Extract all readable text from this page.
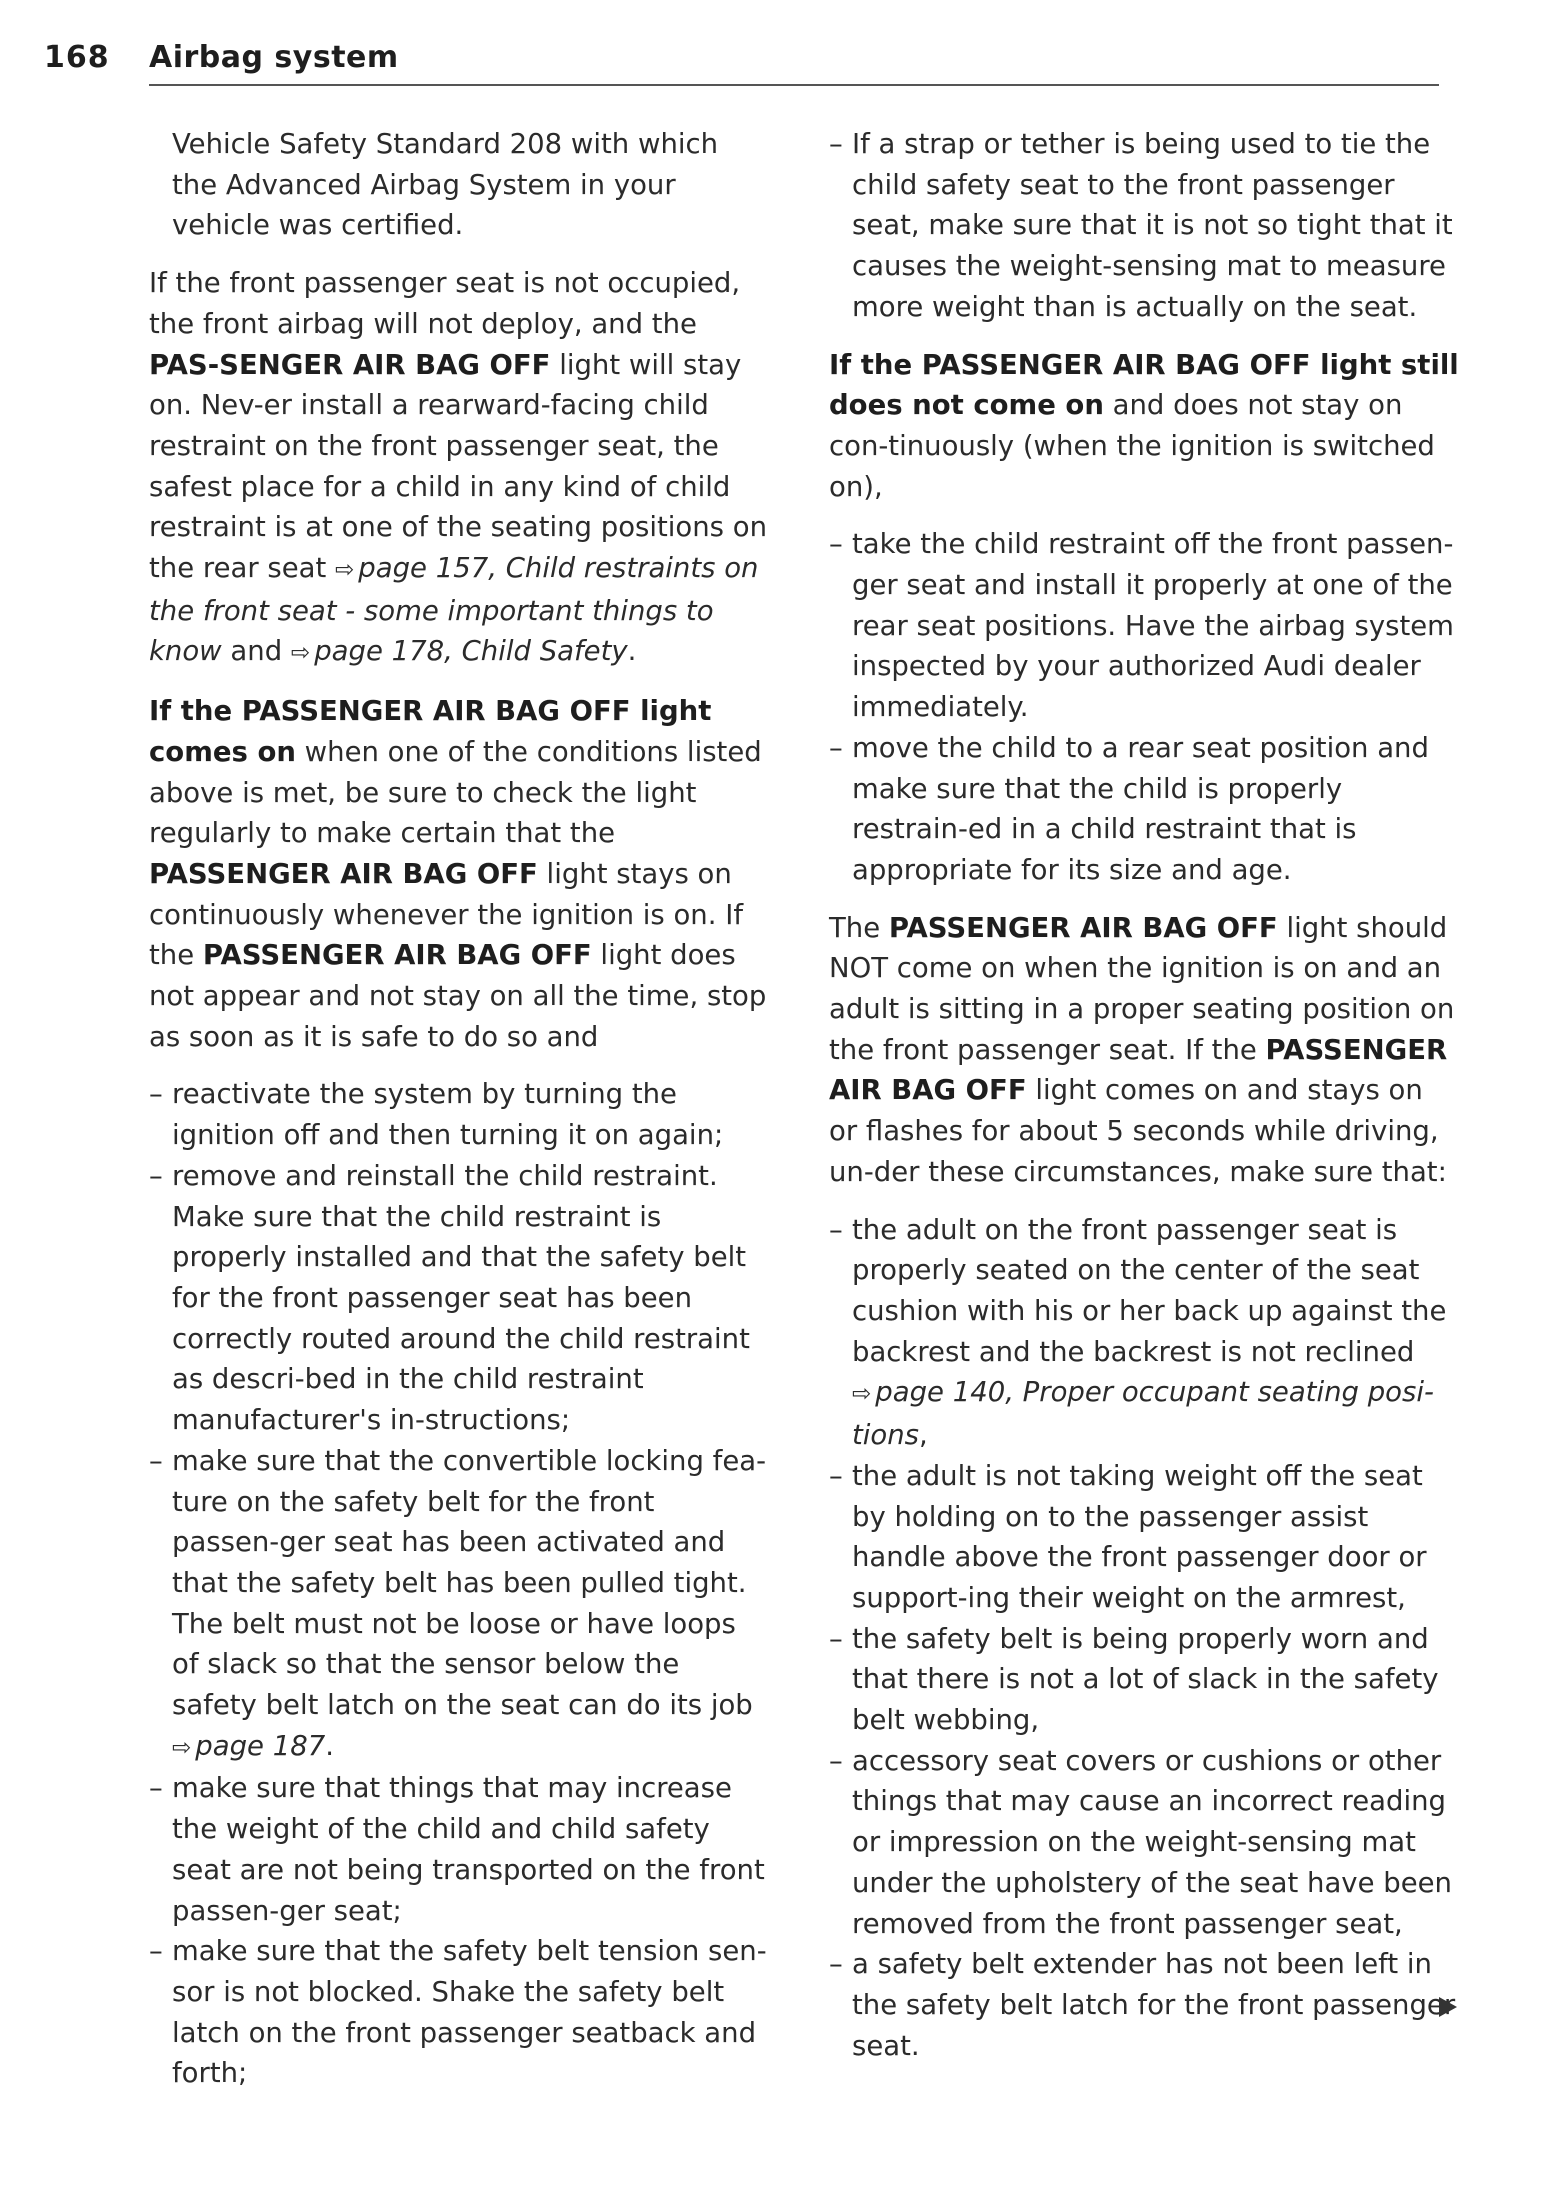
168 Airbag system

Vehicle Safety Standard 208 with which the Advanced Airbag System in your vehicle was certified.

If the front passenger seat is not occupied, the front airbag will not deploy, and the PAS-SENGER AIR BAG OFF light will stay on. Nev-er install a rearward-facing child restraint on the front passenger seat, the safest place for a child in any kind of child restraint is at one of the seating positions on the rear seat ⇨ page 157, Child restraints on the front seat - some important things to know and ⇨ page 178, Child Safety.

If the PASSENGER AIR BAG OFF light comes on when one of the conditions listed above is met, be sure to check the light regularly to make certain that the PASSENGER AIR BAG OFF light stays on continuously whenever the ignition is on. If the PASSENGER AIR BAG OFF light does not appear and not stay on all the time, stop as soon as it is safe to do so and

– reactivate the system by turning the ignition off and then turning it on again;
– remove and reinstall the child restraint. Make sure that the child restraint is properly installed and that the safety belt for the front passenger seat has been correctly routed around the child restraint as descri-bed in the child restraint manufacturer's in-structions;
– make sure that the convertible locking fea-ture on the safety belt for the front passen-ger seat has been activated and that the safety belt has been pulled tight. The belt must not be loose or have loops of slack so that the sensor below the safety belt latch on the seat can do its job ⇨ page 187.
– make sure that things that may increase the weight of the child and child safety seat are not being transported on the front passen-ger seat;
– make sure that the safety belt tension sen-sor is not blocked. Shake the safety belt latch on the front passenger seatback and forth;
– If a strap or tether is being used to tie the child safety seat to the front passenger seat, make sure that it is not so tight that it causes the weight-sensing mat to measure more weight than is actually on the seat.

If the PASSENGER AIR BAG OFF light still does not come on and does not stay on con-tinuously (when the ignition is switched on),

– take the child restraint off the front passen-ger seat and install it properly at one of the rear seat positions. Have the airbag system inspected by your authorized Audi dealer immediately.
– move the child to a rear seat position and make sure that the child is properly restrain-ed in a child restraint that is appropriate for its size and age.

The PASSENGER AIR BAG OFF light should NOT come on when the ignition is on and an adult is sitting in a proper seating position on the front passenger seat. If the PASSENGER AIR BAG OFF light comes on and stays on or flashes for about 5 seconds while driving, un-der these circumstances, make sure that:

– the adult on the front passenger seat is properly seated on the center of the seat cushion with his or her back up against the backrest and the backrest is not reclined ⇨ page 140, Proper occupant seating posi-tions,
– the adult is not taking weight off the seat by holding on to the passenger assist handle above the front passenger door or support-ing their weight on the armrest,
– the safety belt is being properly worn and that there is not a lot of slack in the safety belt webbing,
– accessory seat covers or cushions or other things that may cause an incorrect reading or impression on the weight-sensing mat under the upholstery of the seat have been removed from the front passenger seat,
– a safety belt extender has not been left in the safety belt latch for the front passenger seat.
